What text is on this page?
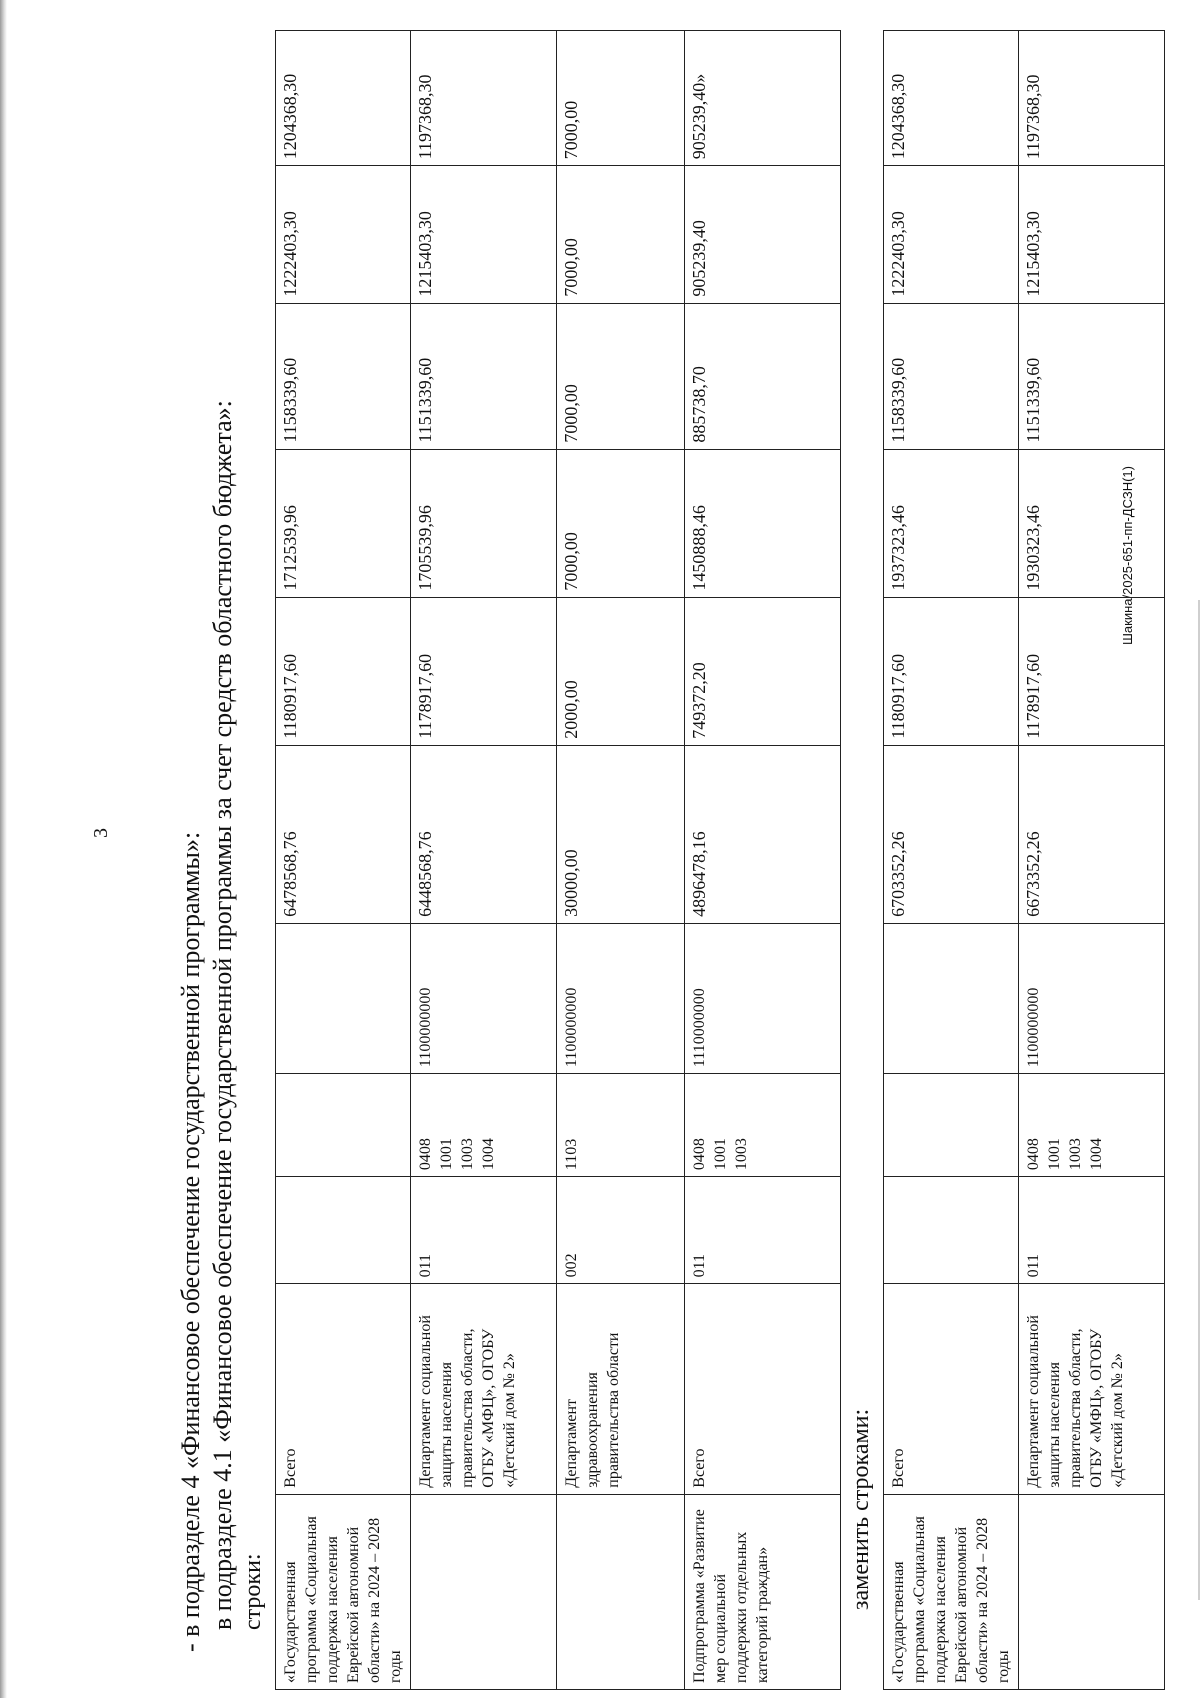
3
Шакина/2025-651-пп-ДСЗН(1)

- в подразделе 4 «Финансовое обеспечение государственной программы»: в подразделе 4.1 «Финансовое обеспечение государственной программы за счет средств областного бюджета»: строки: «Государственная программа «Социальная поддержка населения Еврейской автономной области» на 2024 – 2028 годы	Всего				6478568,76	1180917,60	1712539,96	1158339,60	1222403,30	1204368,30
	Департамент социальной защиты населения правительства области, ОГБУ «МФЦ», ОГОБУ «Детский дом № 2»	011	0408
1001
1003
1004	1100000000	6448568,76	1178917,60	1705539,96	1151339,60	1215403,30	1197368,30
	Департамент здравоохранения правительства области	002	1103	1100000000	30000,00	2000,00	7000,00	7000,00	7000,00	7000,00
Подпрограмма «Развитие мер социальной поддержки отдельных категорий граждан»	Всего	011	0408
1001
1003	1110000000	4896478,16	749372,20	1450888,46	885738,70	905239,40	905239,40»

заменить строками:

«Государственная программа «Социальная поддержка населения Еврейской автономной области» на 2024 – 2028 годы	Всего				6703352,26	1180917,60	1937323,46	1158339,60	1222403,30	1204368,30
	Департамент социальной защиты населения правительства области, ОГБУ «МФЦ», ОГОБУ «Детский дом № 2»	011	0408
1001
1003
1004	1100000000	6673352,26	1178917,60	1930323,46	1151339,60	1215403,30	1197368,30
